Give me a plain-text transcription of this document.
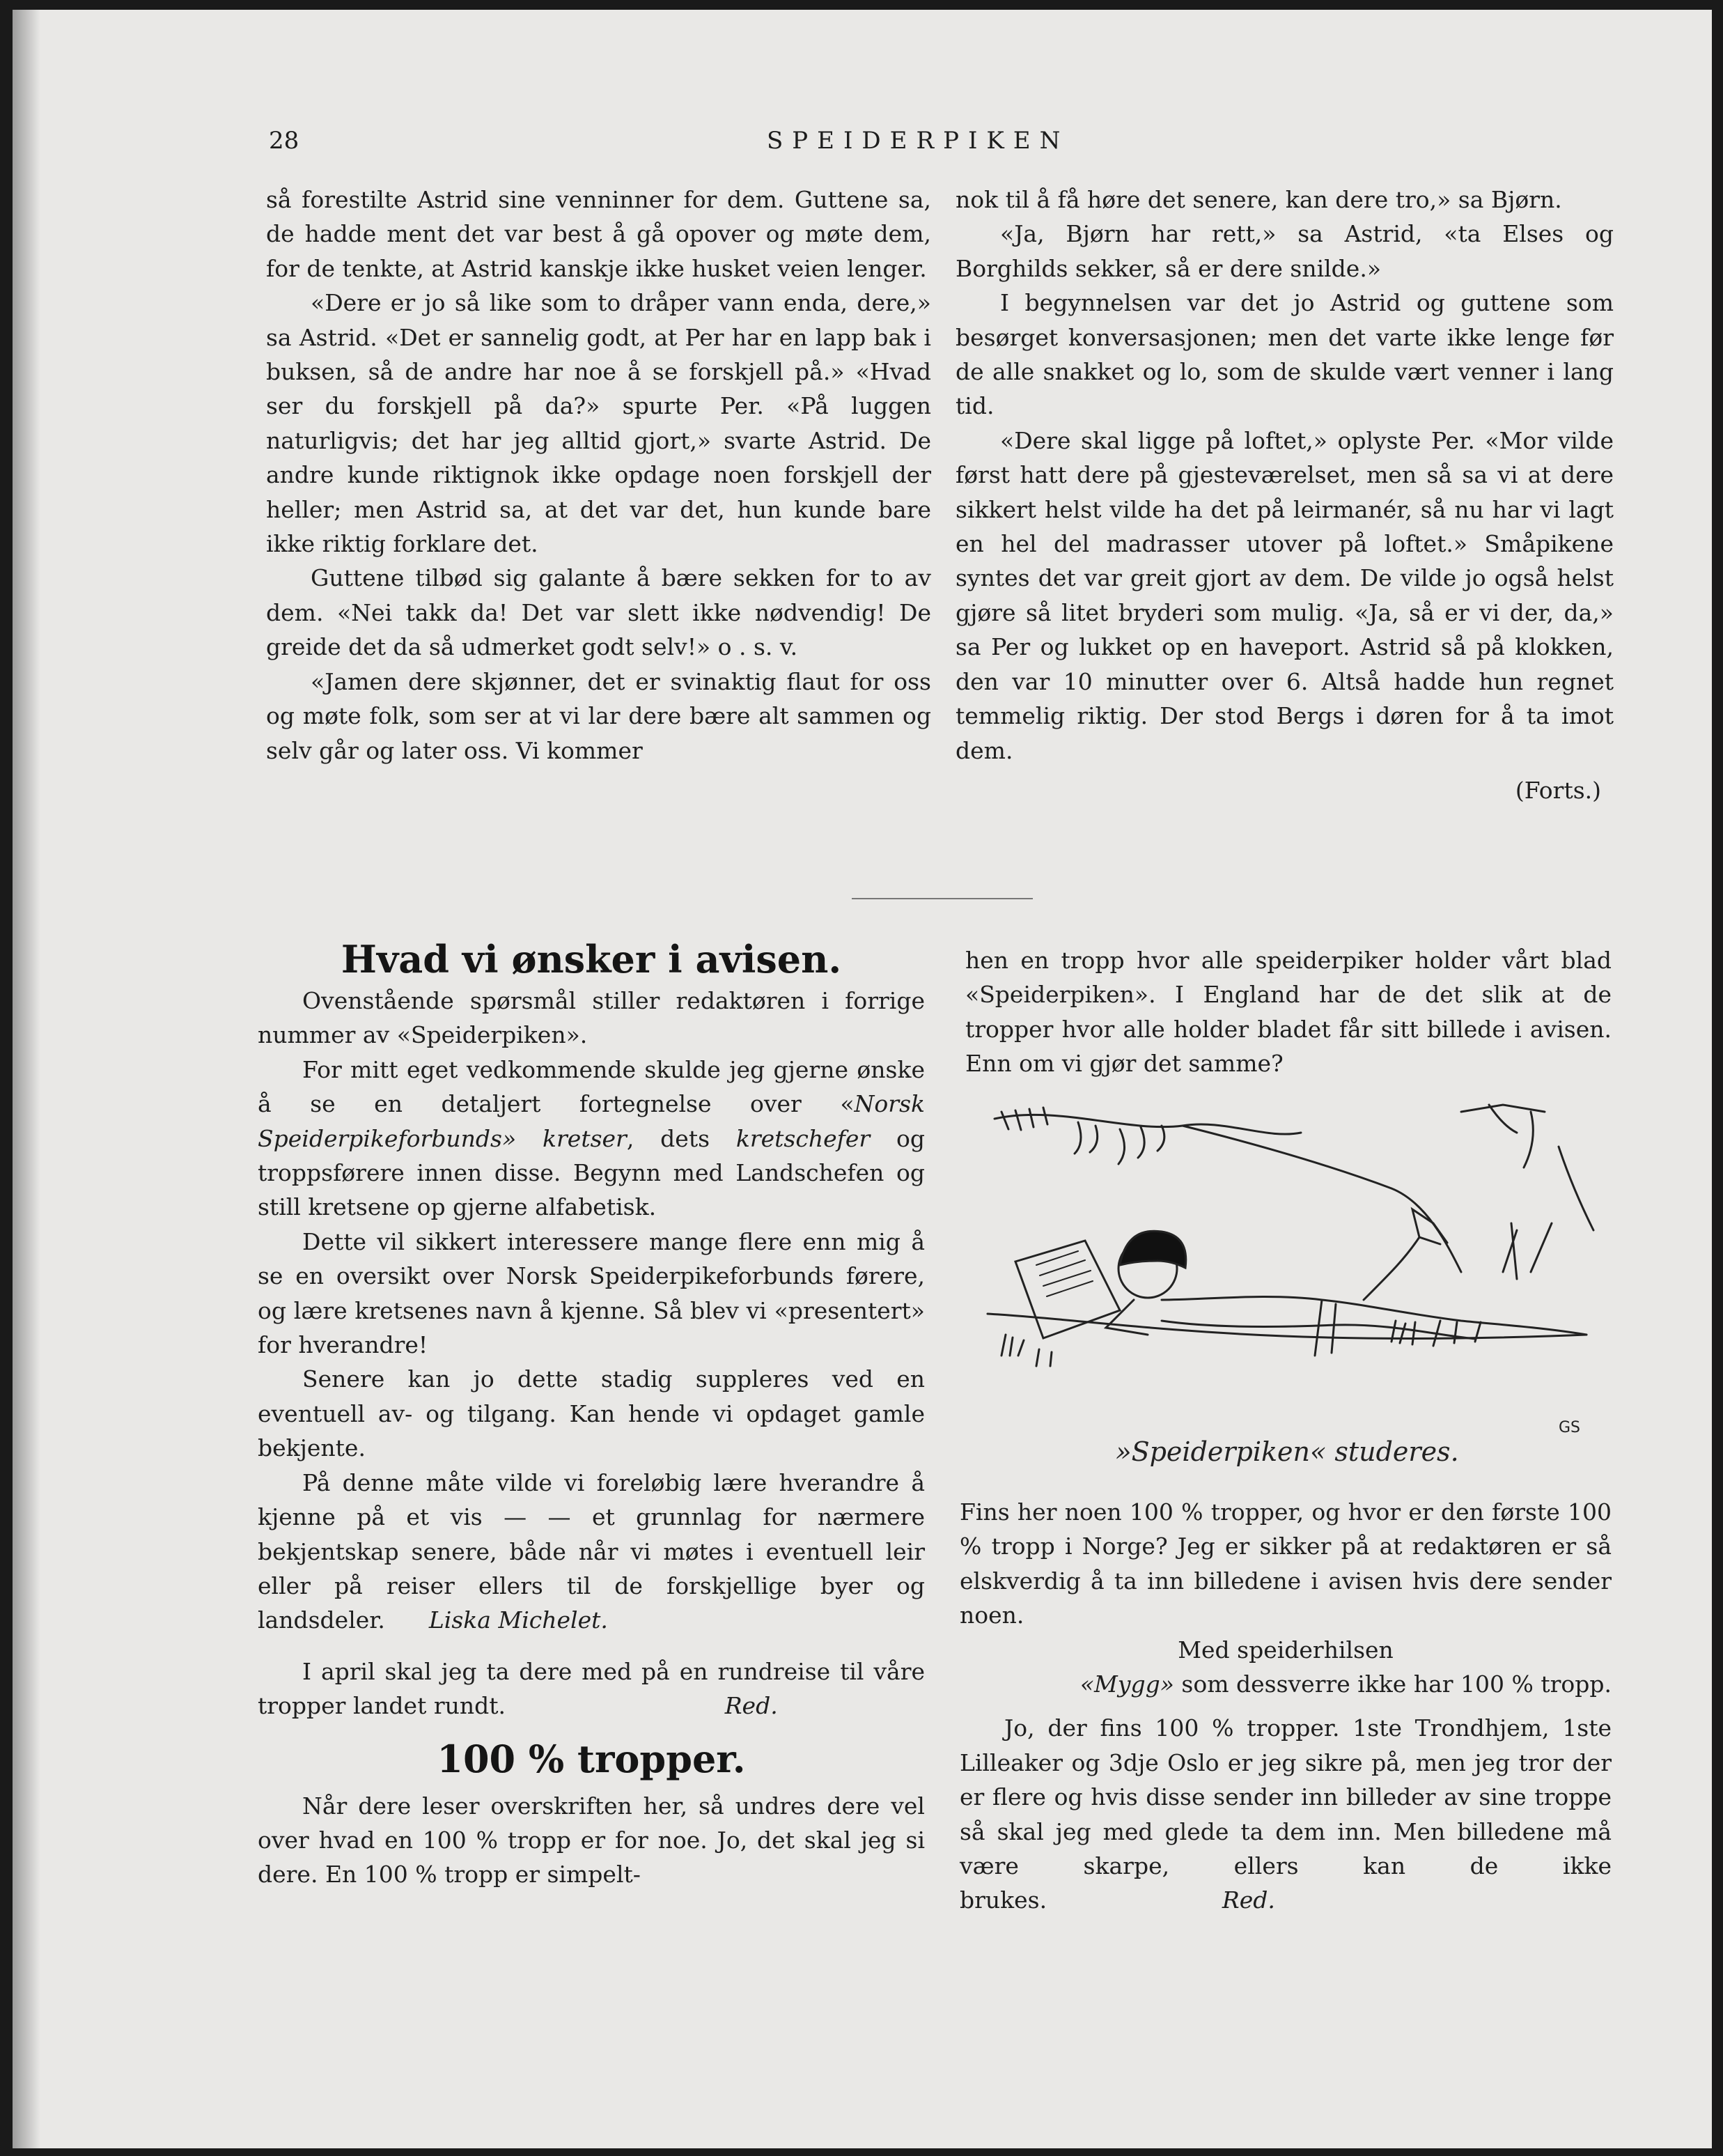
28	SPEIDERPIKEN

så forestilte Astrid sine venninner for dem. Guttene sa, de hadde ment det var best å gå opover og møte dem, for de tenkte, at Astrid kanskje ikke husket veien lenger.

«Dere er jo så like som to dråper vann enda, dere,» sa Astrid. «Det er sannelig godt, at Per har en lapp bak i buksen, så de andre har noe å se forskjell på.» «Hvad ser du forskjell på da?» spurte Per. «På luggen naturligvis; det har jeg alltid gjort,» svarte Astrid. De andre kunde riktignok ikke opdage noen forskjell der heller; men Astrid sa, at det var det, hun kunde bare ikke riktig forklare det.

Guttene tilbød sig galante å bære sekken for to av dem. «Nei takk da! Det var slett ikke nødvendig! De greide det da så udmerket godt selv!» o . s. v.

«Jamen dere skjønner, det er svinaktig flaut for oss og møte folk, som ser at vi lar dere bære alt sammen og selv går og later oss. Vi kommer

nok til å få høre det senere, kan dere tro,» sa Bjørn.

«Ja, Bjørn har rett,» sa Astrid, «ta Elses og Borghilds sekker, så er dere snilde.»

I begynnelsen var det jo Astrid og guttene som besørget konversasjonen; men det varte ikke lenge før de alle snakket og lo, som de skulde vært venner i lang tid.

«Dere skal ligge på loftet,» oplyste Per. «Mor vilde først hatt dere på gjesteværelset, men så sa vi at dere sikkert helst vilde ha det på leirmanér, så nu har vi lagt en hel del madrasser utover på loftet.» Småpikene syntes det var greit gjort av dem. De vilde jo også helst gjøre så litet bryderi som mulig. «Ja, så er vi der, da,» sa Per og lukket op en haveport. Astrid så på klokken, den var 10 minutter over 6. Altså hadde hun regnet temmelig riktig. Der stod Bergs i døren for å ta imot dem.

(Forts.)

Hvad vi ønsker i avisen.

Ovenstående spørsmål stiller redaktøren i forrige nummer av «Speiderpiken».

For mitt eget vedkommende skulde jeg gjerne ønske å se en detaljert fortegnelse over «Norsk Speiderpikeforbunds» kretser, dets kretschefer og troppsførere innen disse. Begynn med Landschefen og still kretsene op gjerne alfabetisk.

Dette vil sikkert interessere mange flere enn mig å se en oversikt over Norsk Speiderpikeforbunds førere, og lære kretsenes navn å kjenne. Så blev vi «presentert» for hverandre!

Senere kan jo dette stadig suppleres ved en eventuell av- og tilgang. Kan hende vi opdaget gamle bekjente.

På denne måte vilde vi foreløbig lære hverandre å kjenne på et vis — — et grunnlag for nærmere bekjentskap senere, både når vi møtes i eventuell leir eller på reiser ellers til de forskjellige byer og landsdeler. Liska Michelet.

I april skal jeg ta dere med på en rundreise til våre tropper landet rundt.	Red.

100 % tropper.

Når dere leser overskriften her, så undres dere vel over hvad en 100 % tropp er for noe. Jo, det skal jeg si dere. En 100 % tropp er simpelt-

hen en tropp hvor alle speiderpiker holder vårt blad «Speiderpiken». I England har de det slik at de tropper hvor alle holder bladet får sitt billede i avisen. Enn om vi gjør det samme?

GS
»Speiderpiken« studeres.

Fins her noen 100 % tropper, og hvor er den første 100 % tropp i Norge? Jeg er sikker på at redaktøren er så elskverdig å ta inn billedene i avisen hvis dere sender noen.

Med speiderhilsen

«Mygg» som dessverre ikke har 100 % tropp.

Jo, der fins 100 % tropper. 1ste Trondhjem, 1ste Lilleaker og 3dje Oslo er jeg sikre på, men jeg tror der er flere og hvis disse sender inn billeder av sine troppe så skal jeg med glede ta dem inn. Men billedene må være skarpe, ellers kan de ikke brukes.	Red.
